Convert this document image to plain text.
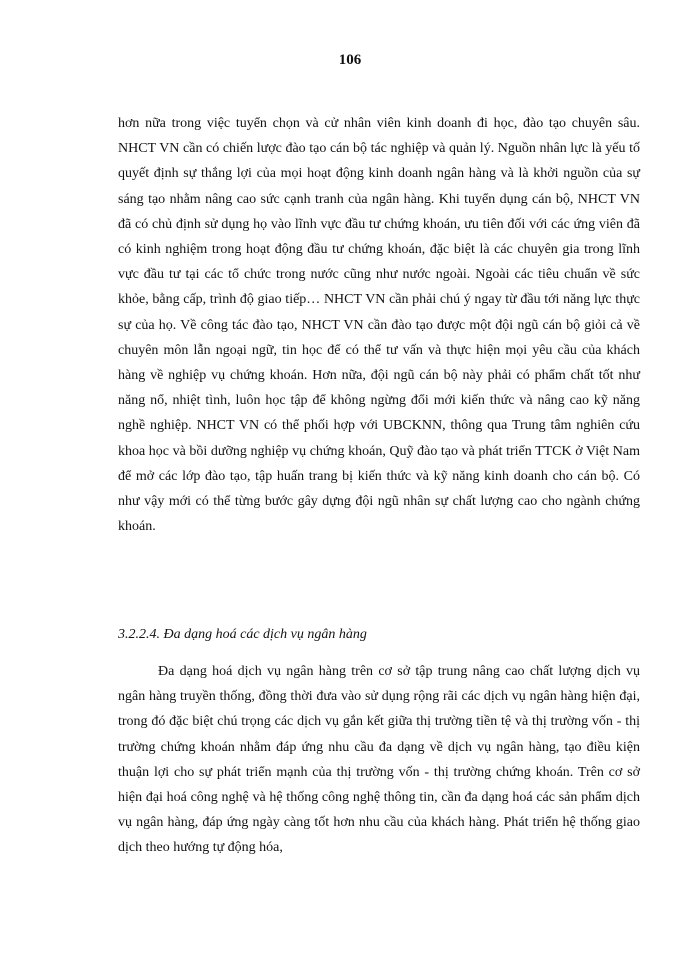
106

hơn nữa trong việc tuyển chọn và cử nhân viên kinh doanh đi học, đào tạo chuyên sâu. NHCT VN cần có chiến lược đào tạo cán bộ tác nghiệp và quản lý. Nguồn nhân lực là yếu tố quyết định sự thắng lợi của mọi hoạt động kinh doanh ngân hàng và là khởi nguồn của sự sáng tạo nhằm nâng cao sức cạnh tranh của ngân hàng. Khi tuyển dụng cán bộ, NHCT VN đã có chủ định sử dụng họ vào lĩnh vực đầu tư chứng khoán, ưu tiên đối với các ứng viên đã có kinh nghiệm trong hoạt động đầu tư chứng khoán, đặc biệt là các chuyên gia trong lĩnh vực đầu tư tại các tổ chức trong nước cũng như nước ngoài. Ngoài các tiêu chuẩn về sức khỏe, bằng cấp, trình độ giao tiếp… NHCT VN cần phải chú ý ngay từ đầu tới năng lực thực sự của họ. Về công tác đào tạo, NHCT VN cần đào tạo được một đội ngũ cán bộ giỏi cả về chuyên môn lẫn ngoại ngữ, tin học để có thể tư vấn và thực hiện mọi yêu cầu của khách hàng về nghiệp vụ chứng khoán. Hơn nữa, đội ngũ cán bộ này phải có phẩm chất tốt như năng nổ, nhiệt tình, luôn học tập để không ngừng đổi mới kiến thức và nâng cao kỹ năng nghề nghiệp. NHCT VN có thể phối hợp với UBCKNN, thông qua Trung tâm nghiên cứu khoa học và bồi dưỡng nghiệp vụ chứng khoán, Quỹ đào tạo và phát triển TTCK ở Việt Nam để mở các lớp đào tạo, tập huấn trang bị kiến thức và kỹ năng kinh doanh cho cán bộ. Có như vậy mới có thể từng bước gây dựng đội ngũ nhân sự chất lượng cao cho ngành chứng khoán.

3.2.2.4. Đa dạng hoá các dịch vụ ngân hàng

Đa dạng hoá dịch vụ ngân hàng trên cơ sở tập trung nâng cao chất lượng dịch vụ ngân hàng truyền thống, đồng thời đưa vào sử dụng rộng rãi các dịch vụ ngân hàng hiện đại, trong đó đặc biệt chú trọng các dịch vụ gắn kết giữa thị trường tiền tệ và thị trường vốn - thị trường chứng khoán nhằm đáp ứng nhu cầu đa dạng về dịch vụ ngân hàng, tạo điều kiện thuận lợi cho sự phát triển mạnh của thị trường vốn - thị trường chứng khoán. Trên cơ sở hiện đại hoá công nghệ và hệ thống công nghệ thông tin, cần đa dạng hoá các sản phẩm dịch vụ ngân hàng, đáp ứng ngày càng tốt hơn nhu cầu của khách hàng. Phát triển hệ thống giao dịch theo hướng tự động hóa,
